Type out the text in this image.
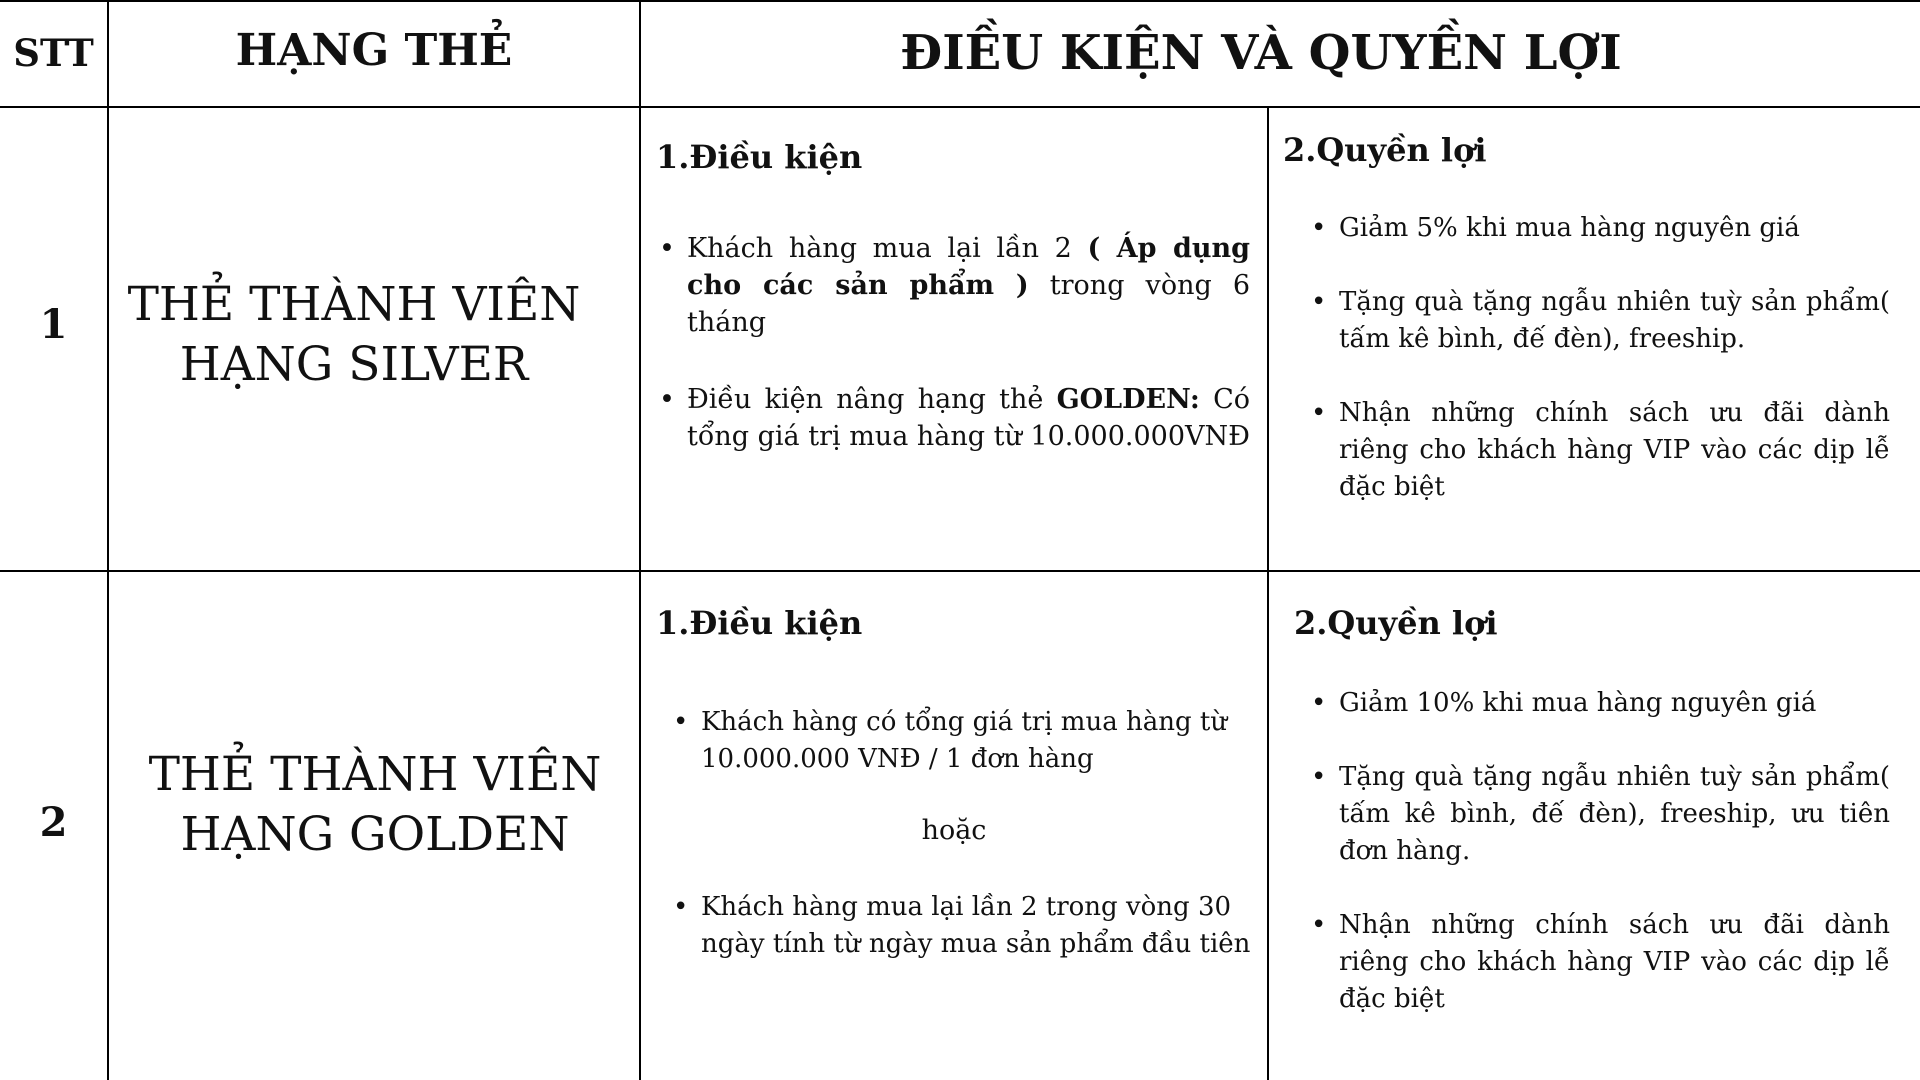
STT	HẠNG THẺ	ĐIỀU KIỆN VÀ QUYỀN LỢI
1	THẺ THÀNH VIÊN
HẠNG SILVER
1.Điều kiện
• Khách hàng mua lại lần 2 ( Áp dụng cho các sản phẩm ) trong vòng 6 tháng
• Điều kiện nâng hạng thẻ GOLDEN: Có tổng giá trị mua hàng từ 10.000.000VNĐ
2.Quyền lợi
• Giảm 5% khi mua hàng nguyên giá
• Tặng quà tặng ngẫu nhiên tuỳ sản phẩm( tấm kê bình, đế đèn), freeship.
• Nhận những chính sách ưu đãi dành riêng cho khách hàng VIP vào các dịp lễ đặc biệt
2
THẺ THÀNH VIÊN
HẠNG GOLDEN
1.Điều kiện
• Khách hàng có tổng giá trị mua hàng từ 10.000.000 VNĐ / 1 đơn hàng
hoặc
• Khách hàng mua lại lần 2 trong vòng 30 ngày tính từ ngày mua sản phẩm đầu tiên
2.Quyền lợi
• Giảm 10% khi mua hàng nguyên giá
• Tặng quà tặng ngẫu nhiên tuỳ sản phẩm( tấm kê bình, đế đèn), freeship, ưu tiên đơn hàng.
• Nhận những chính sách ưu đãi dành riêng cho khách hàng VIP vào các dịp lễ đặc biệt
